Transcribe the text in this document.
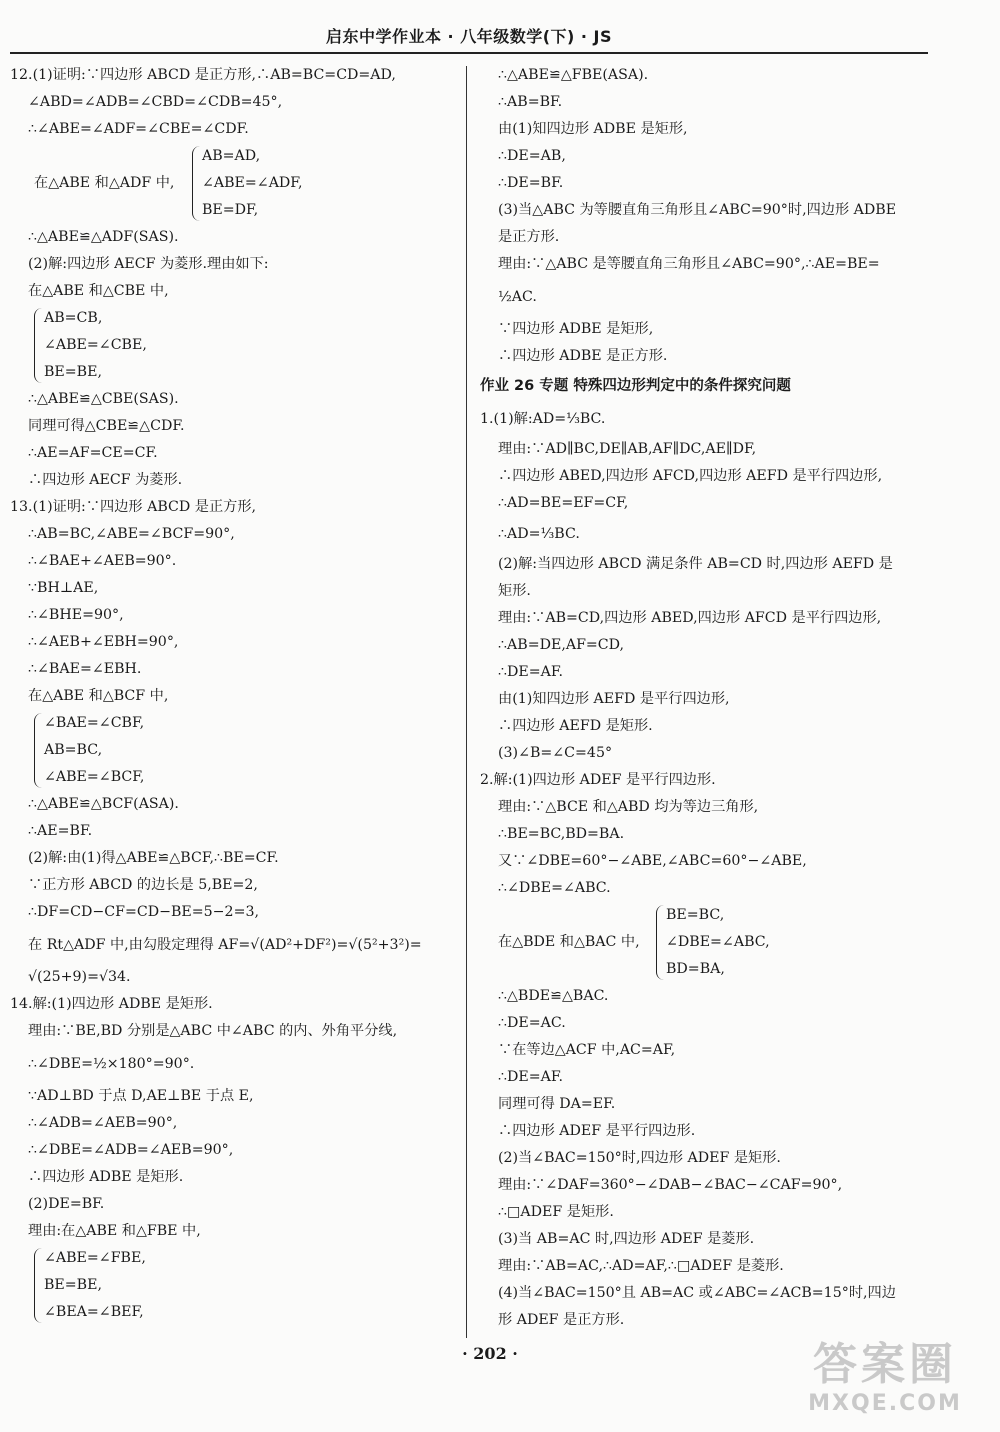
启东中学作业本 · 八年级数学(下) · JS
12.(1)证明:∵四边形 ABCD 是正方形,∴AB=BC=CD=AD,
∠ABD=∠ADB=∠CBD=∠CDB=45°,
∴∠ABE=∠ADF=∠CBE=∠CDF.
在△ABE 和△ADF 中,
AB=AD,
∠ABE=∠ADF,
BE=DF,
∴△ABE≌△ADF(SAS).
(2)解:四边形 AECF 为菱形.理由如下:
在△ABE 和△CBE 中,
AB=CB,
∠ABE=∠CBE,
BE=BE,
∴△ABE≌△CBE(SAS).
同理可得△CBE≌△CDF.
∴AE=AF=CE=CF.
∴四边形 AECF 为菱形.
13.(1)证明:∵四边形 ABCD 是正方形,
∴AB=BC,∠ABE=∠BCF=90°,
∴∠BAE+∠AEB=90°.
∵BH⊥AE,
∴∠BHE=90°,
∴∠AEB+∠EBH=90°,
∴∠BAE=∠EBH.
在△ABE 和△BCF 中,
∠BAE=∠CBF,
AB=BC,
∠ABE=∠BCF,
∴△ABE≌△BCF(ASA).
∴AE=BF.
(2)解:由(1)得△ABE≌△BCF,∴BE=CF.
∵正方形 ABCD 的边长是 5,BE=2,
∴DF=CD−CF=CD−BE=5−2=3,
在 Rt△ADF 中,由勾股定理得 AF=√(AD²+DF²)=√(5²+3²)=
√(25+9)=√34.
14.解:(1)四边形 ADBE 是矩形.
理由:∵BE,BD 分别是△ABC 中∠ABC 的内、外角平分线,
∴∠DBE=½×180°=90°.
∵AD⊥BD 于点 D,AE⊥BE 于点 E,
∴∠ADB=∠AEB=90°,
∴∠DBE=∠ADB=∠AEB=90°,
∴四边形 ADBE 是矩形.
(2)DE=BF.
理由:在△ABE 和△FBE 中,
∠ABE=∠FBE,
BE=BE,
∠BEA=∠BEF,
∴△ABE≌△FBE(ASA).
∴AB=BF.
由(1)知四边形 ADBE 是矩形,
∴DE=AB,
∴DE=BF.
(3)当△ABC 为等腰直角三角形且∠ABC=90°时,四边形 ADBE
是正方形.
理由:∵△ABC 是等腰直角三角形且∠ABC=90°,∴AE=BE=
½AC.
∵四边形 ADBE 是矩形,
∴四边形 ADBE 是正方形.
作业 26 专题 特殊四边形判定中的条件探究问题
1.(1)解:AD=⅓BC.
理由:∵AD∥BC,DE∥AB,AF∥DC,AE∥DF,
∴四边形 ABED,四边形 AFCD,四边形 AEFD 是平行四边形,
∴AD=BE=EF=CF,
∴AD=⅓BC.
(2)解:当四边形 ABCD 满足条件 AB=CD 时,四边形 AEFD 是
矩形.
理由:∵AB=CD,四边形 ABED,四边形 AFCD 是平行四边形,
∴AB=DE,AF=CD,
∴DE=AF.
由(1)知四边形 AEFD 是平行四边形,
∴四边形 AEFD 是矩形.
(3)∠B=∠C=45°
2.解:(1)四边形 ADEF 是平行四边形.
理由:∵△BCE 和△ABD 均为等边三角形,
∴BE=BC,BD=BA.
又∵∠DBE=60°−∠ABE,∠ABC=60°−∠ABE,
∴∠DBE=∠ABC.
在△BDE 和△BAC 中,
BE=BC,
∠DBE=∠ABC,
BD=BA,
∴△BDE≌△BAC.
∴DE=AC.
∵在等边△ACF 中,AC=AF,
∴DE=AF.
同理可得 DA=EF.
∴四边形 ADEF 是平行四边形.
(2)当∠BAC=150°时,四边形 ADEF 是矩形.
理由:∵∠DAF=360°−∠DAB−∠BAC−∠CAF=90°,
∴□ADEF 是矩形.
(3)当 AB=AC 时,四边形 ADEF 是菱形.
理由:∵AB=AC,∴AD=AF,∴□ADEF 是菱形.
(4)当∠BAC=150°且 AB=AC 或∠ABC=∠ACB=15°时,四边
形 ADEF 是正方形.
· 202 ·	答案圈
MXQE.COM
